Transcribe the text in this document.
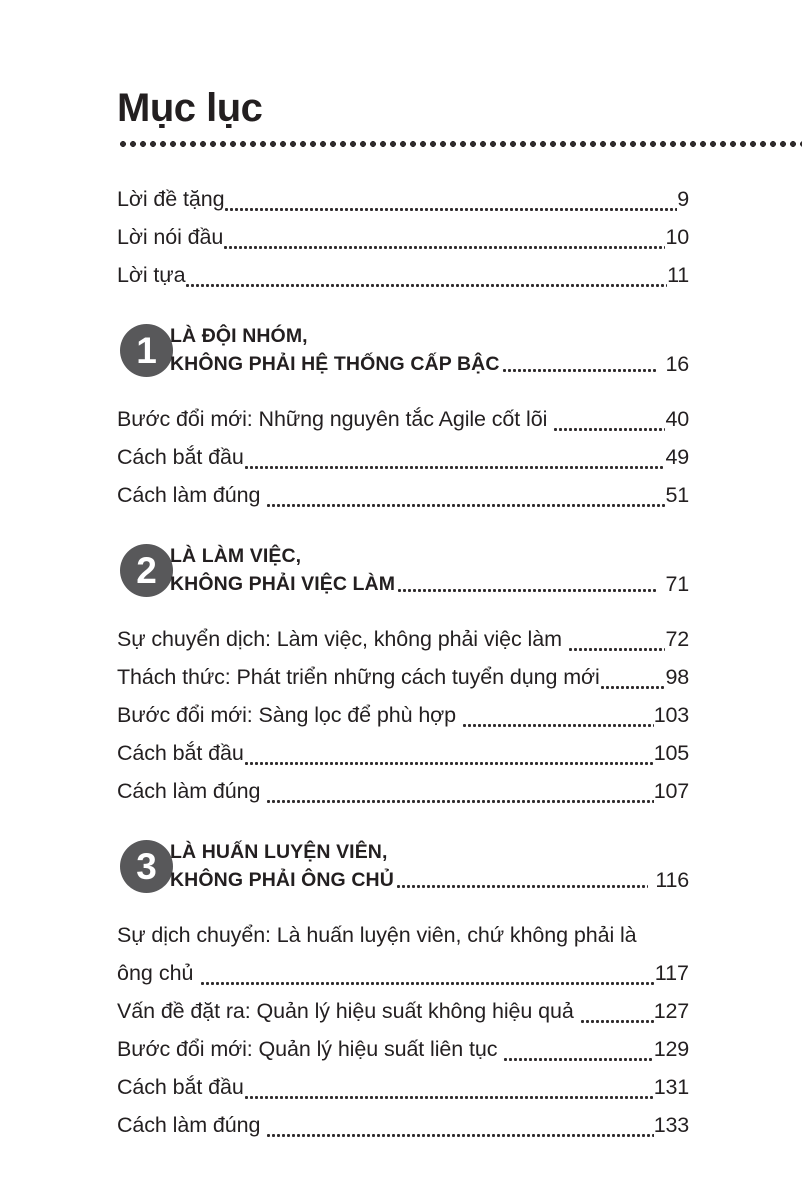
Mục lục
Lời đề tặng	9
Lời nói đầu	10
Lời tựa	11
1 LÀ ĐỘI NHÓM,
KHÔNG PHẢI HỆ THỐNG CẤP BẬC	16
Bước đổi mới: Những nguyên tắc Agile cốt lõi	40
Cách bắt đầu	49
Cách làm đúng	51
2 LÀ LÀM VIỆC,
KHÔNG PHẢI VIỆC LÀM	71
Sự chuyển dịch: Làm việc, không phải việc làm	72
Thách thức: Phát triển những cách tuyển dụng mới	98
Bước đổi mới: Sàng lọc để phù hợp	103
Cách bắt đầu	105
Cách làm đúng	107
3 LÀ HUẤN LUYỆN VIÊN,
KHÔNG PHẢI ÔNG CHỦ	116
Sự dịch chuyển: Là huấn luyện viên, chứ không phải là
ông chủ	117
Vấn đề đặt ra: Quản lý hiệu suất không hiệu quả	127
Bước đổi mới: Quản lý hiệu suất liên tục	129
Cách bắt đầu	131
Cách làm đúng	133
